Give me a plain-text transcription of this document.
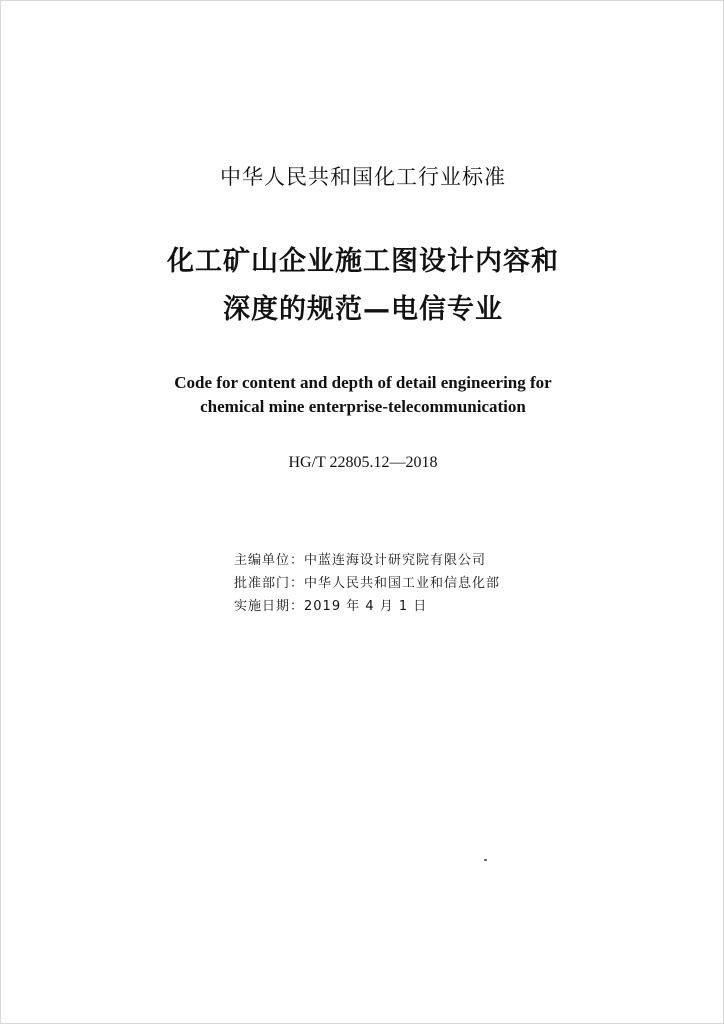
中华人民共和国化工行业标准
化工矿山企业施工图设计内容和
深度的规范—电信专业
Code for content and depth of detail engineering for
chemical mine enterprise-telecommunication
HG/T 22805.12—2018
主编单位：中蓝连海设计研究院有限公司
批准部门：中华人民共和国工业和信息化部
实施日期：2019 年 4 月 1 日
